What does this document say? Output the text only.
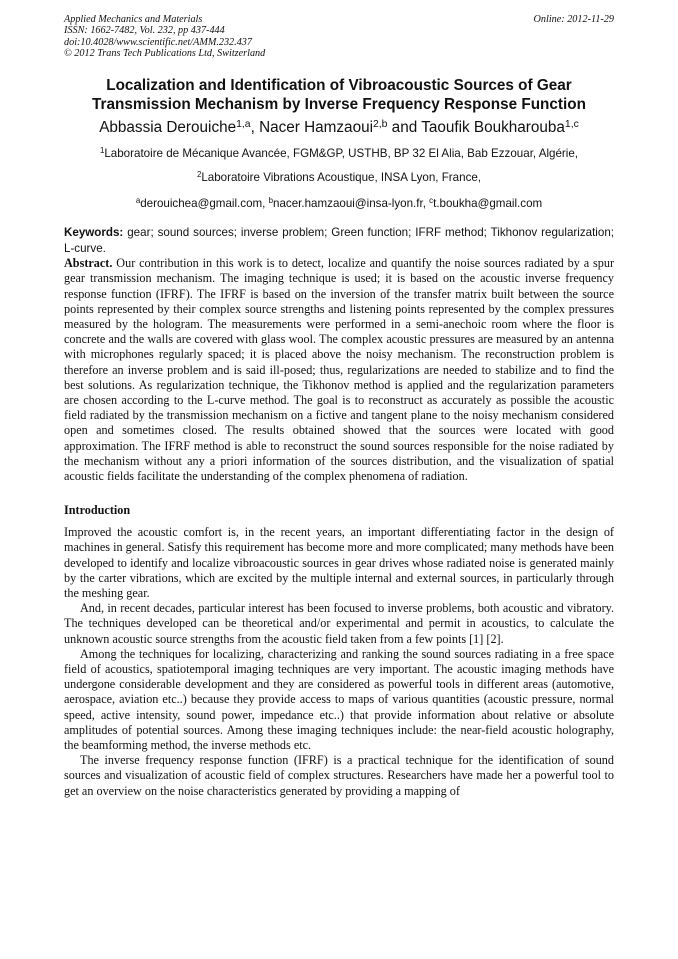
Applied Mechanics and Materials
ISSN: 1662-7482, Vol. 232, pp 437-444
doi:10.4028/www.scientific.net/AMM.232.437
© 2012 Trans Tech Publications Ltd, Switzerland
Online: 2012-11-29
Localization and Identification of Vibroacoustic Sources of Gear
Transmission Mechanism by Inverse Frequency Response Function
Abbassia Derouiche$^{1,a}$, Nacer Hamzaoui$^{2,b}$ and Taoufik Boukharouba$^{1,c}$
$^1$Laboratoire de Mécanique Avancée, FGM&GP, USTHB, BP 32 El Alia, Bab Ezzouar, Algérie,
$^2$Laboratoire Vibrations Acoustique, INSA Lyon, France,
$^a$derouichea@gmail.com, $^b$nacer.hamzaoui@insa-lyon.fr, $^c$t.boukha@gmail.com
Keywords: gear; sound sources; inverse problem; Green function; IFRF method; Tikhonov regularization; L-curve.

Abstract. Our contribution in this work is to detect, localize and quantify the noise sources radiated by a spur gear transmission mechanism. The imaging technique is used; it is based on the acoustic inverse frequency response function (IFRF). The IFRF is based on the inversion of the transfer matrix built between the source points represented by their complex source strengths and listening points represented by the complex pressures measured by the hologram. The measurements were performed in a semi-anechoic room where the floor is concrete and the walls are covered with glass wool. The complex acoustic pressures are measured by an antenna with microphones regularly spaced; it is placed above the noisy mechanism. The reconstruction problem is therefore an inverse problem and is said ill-posed; thus, regularizations are needed to stabilize and to find the best solutions. As regularization technique, the Tikhonov method is applied and the regularization parameters are chosen according to the L-curve method. The goal is to reconstruct as accurately as possible the acoustic field radiated by the transmission mechanism on a fictive and tangent plane to the noisy mechanism considered open and sometimes closed. The results obtained showed that the sources were located with good approximation. The IFRF method is able to reconstruct the sound sources responsible for the noise radiated by the mechanism without any a priori information of the sources distribution, and the visualization of spatial acoustic fields facilitate the understanding of the complex phenomena of radiation.

Introduction

Improved the acoustic comfort is, in the recent years, an important differentiating factor in the design of machines in general. Satisfy this requirement has become more and more complicated; many methods have been developed to identify and localize vibroacoustic sources in gear drives whose radiated noise is generated mainly by the carter vibrations, which are excited by the multiple internal and external sources, in particularly through the meshing gear.

And, in recent decades, particular interest has been focused to inverse problems, both acoustic and vibratory. The techniques developed can be theoretical and/or experimental and permit in acoustics, to calculate the unknown acoustic source strengths from the acoustic field taken from a few points [1] [2].

Among the techniques for localizing, characterizing and ranking the sound sources radiating in a free space field of acoustics, spatiotemporal imaging techniques are very important. The acoustic imaging methods have undergone considerable development and they are considered as powerful tools in different areas (automotive, aerospace, aviation etc..) because they provide access to maps of various quantities (acoustic pressure, normal speed, active intensity, sound power, impedance etc..) that provide information about relative or absolute amplitudes of potential sources. Among these imaging techniques include: the near-field acoustic holography, the beamforming method, the inverse methods etc.

The inverse frequency response function (IFRF) is a practical technique for the identification of sound sources and visualization of acoustic field of complex structures. Researchers have made her a powerful tool to get an overview on the noise characteristics generated by providing a mapping of
